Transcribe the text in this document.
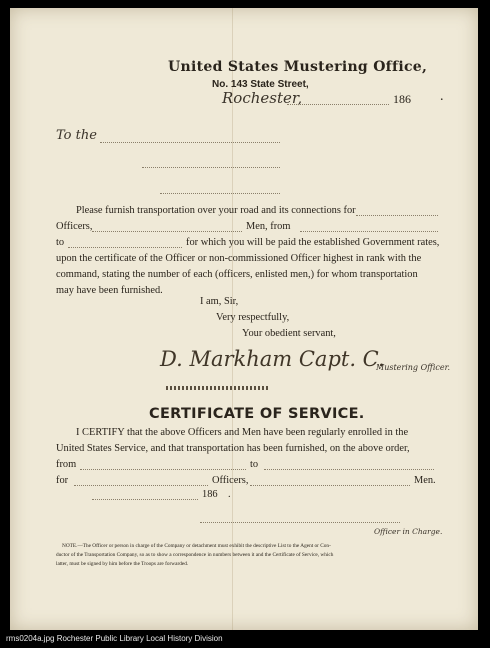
United States Mustering Office,
No. 143 State Street,
Rochester,	186 .
To the
Please furnish transportation over your road and its connections for
Officers,	Men, from
to	for which you will be paid the established Government rates,
upon the certificate of the Officer or non-commissioned Officer highest in rank with the
command, stating the number of each (officers, enlisted men,) for whom transportation
may have been furnished.
I am, Sir,
Very respectfully,
Your obedient servant,
D. Markham Capt. C.
Mustering Officer.
CERTIFICATE OF SERVICE.
I CERTIFY that the above Officers and Men have been regularly enrolled in the
United States Service, and that transportation has been furnished, on the above order,
from	to
for	Officers,	Men.
186 .
Officer in Charge.
NOTE.—The Officer or person in charge of the Company or detachment must exhibit the descriptive List to the Agent or Con-
ductor of the Transportation Company, so as to show a correspondence in numbers between it and the Certificate of Service, which
latter, must be signed by him before the Troops are forwarded.
rms0204a.jpg Rochester Public Library Local History Division
